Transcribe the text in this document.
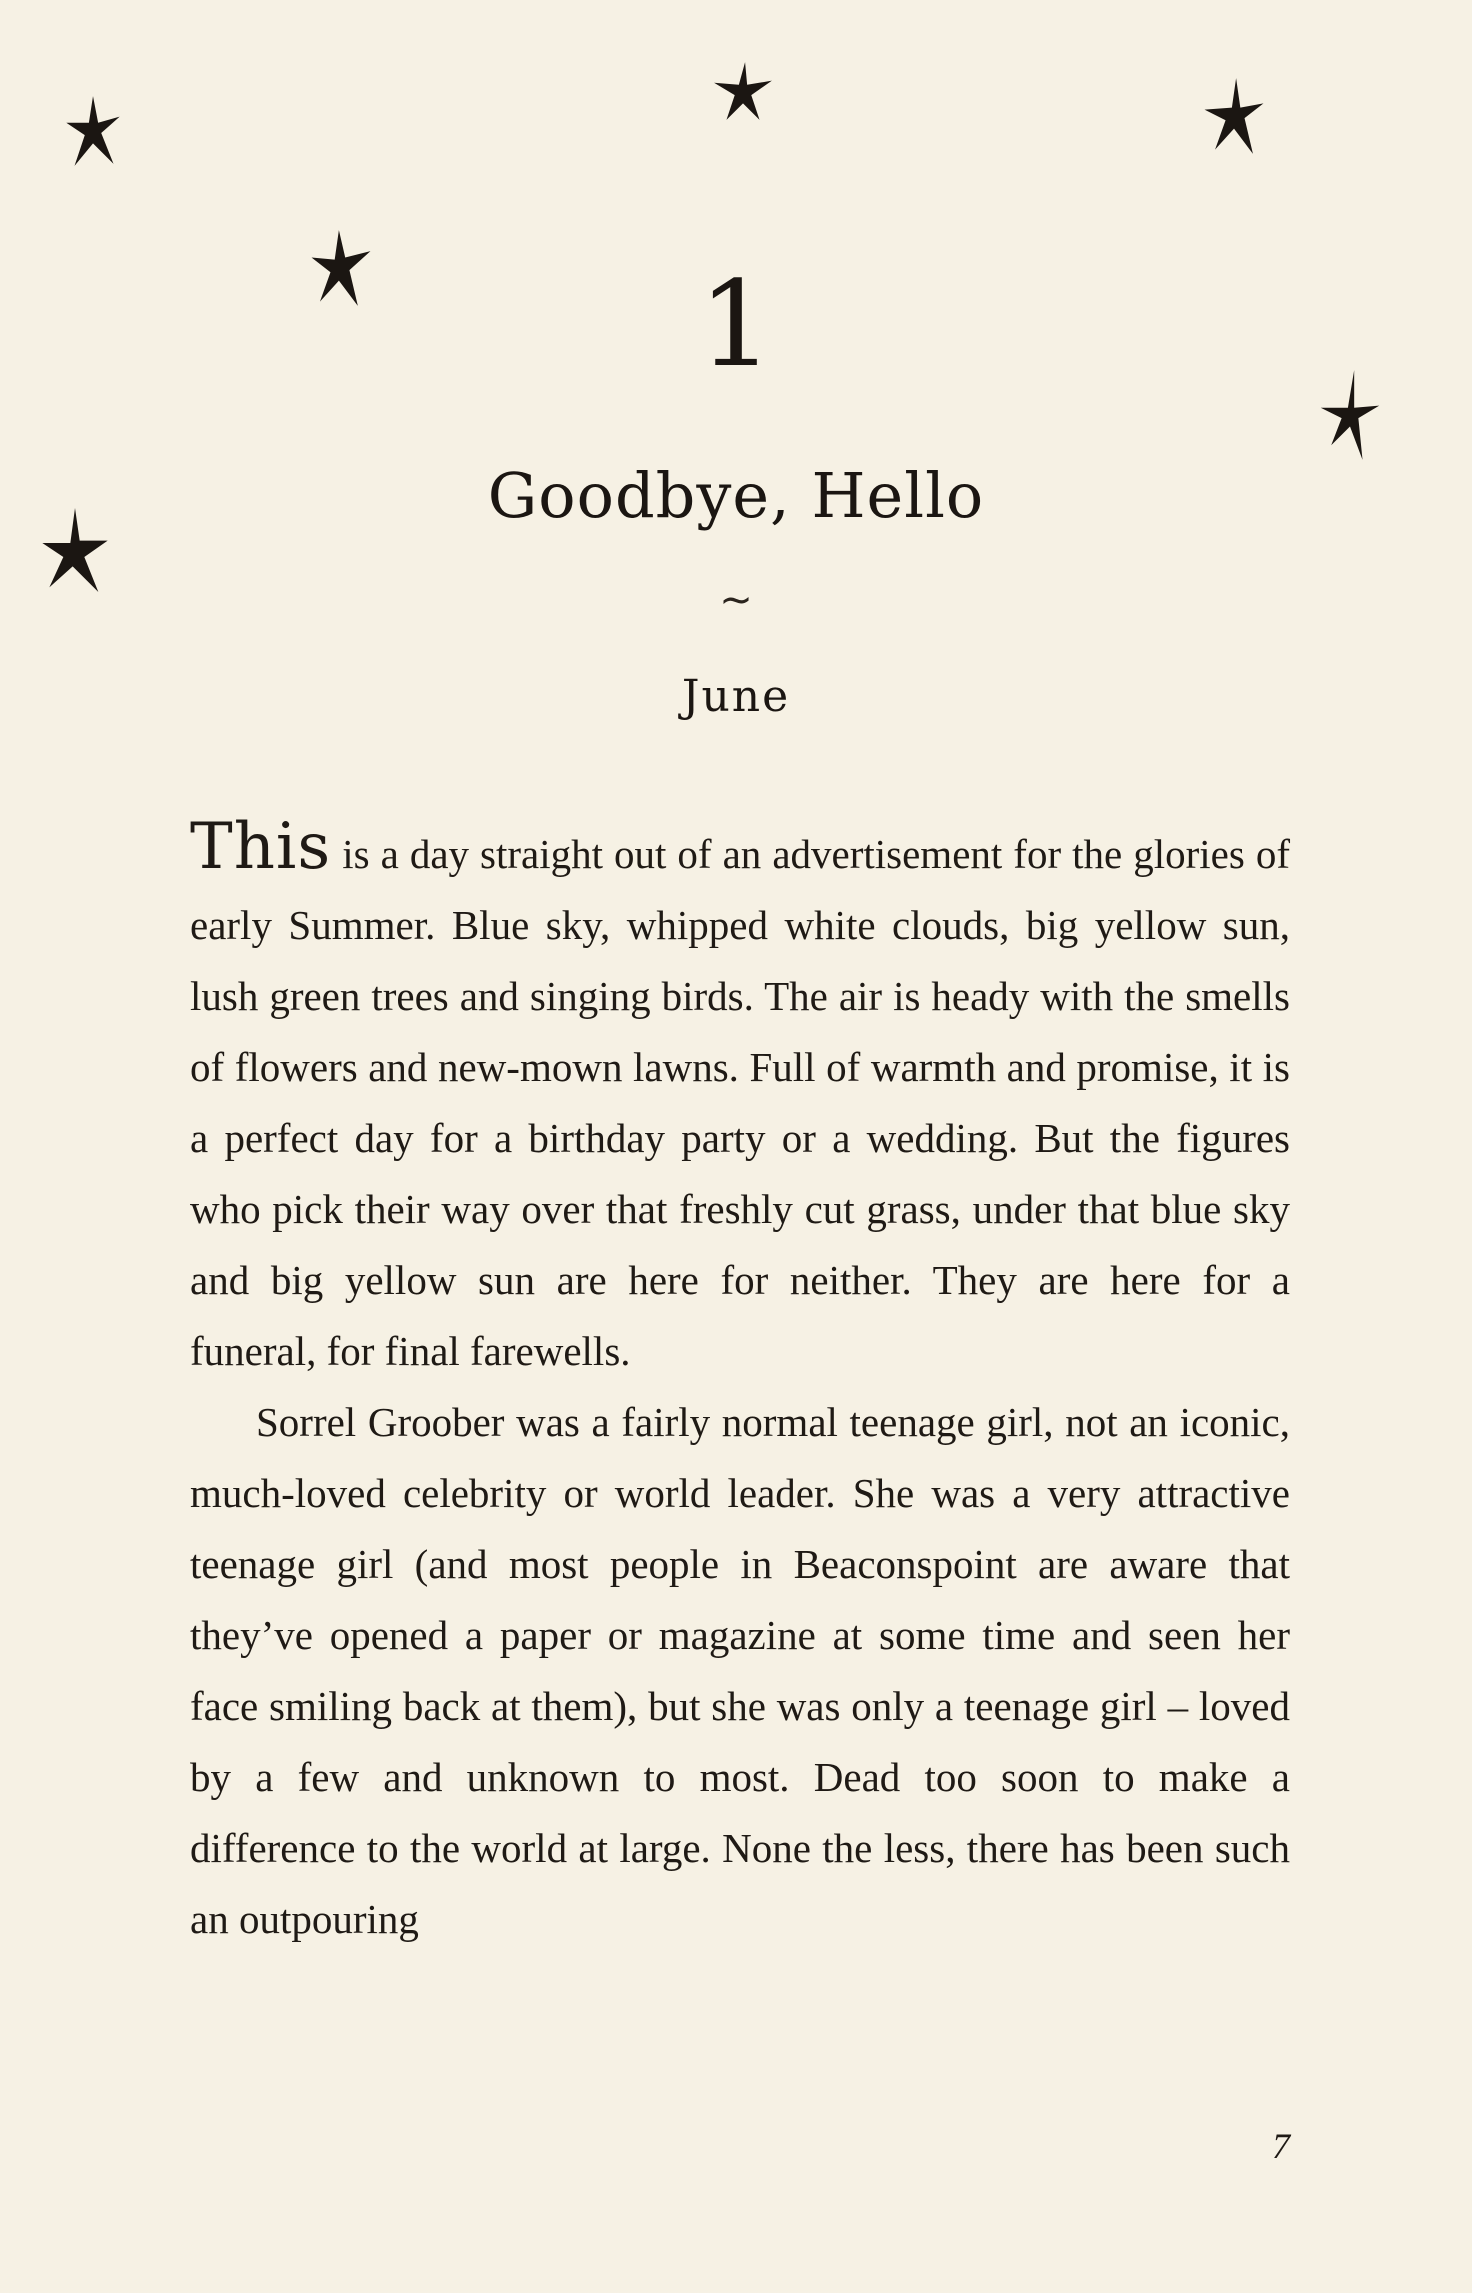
1
Goodbye, Hello
~
June

This is a day straight out of an advertisement for the glories of early Summer. Blue sky, whipped white clouds, big yellow sun, lush green trees and singing birds. The air is heady with the smells of flowers and new-mown lawns. Full of warmth and promise, it is a perfect day for a birthday party or a wedding. But the figures who pick their way over that freshly cut grass, under that blue sky and big yellow sun are here for neither. They are here for a funeral, for final farewells.

Sorrel Groober was a fairly normal teenage girl, not an iconic, much-loved celebrity or world leader. She was a very attractive teenage girl (and most people in Beaconspoint are aware that they’ve opened a paper or magazine at some time and seen her face smiling back at them), but she was only a teenage girl – loved by a few and unknown to most. Dead too soon to make a difference to the world at large. None the less, there has been such an outpouring

7
